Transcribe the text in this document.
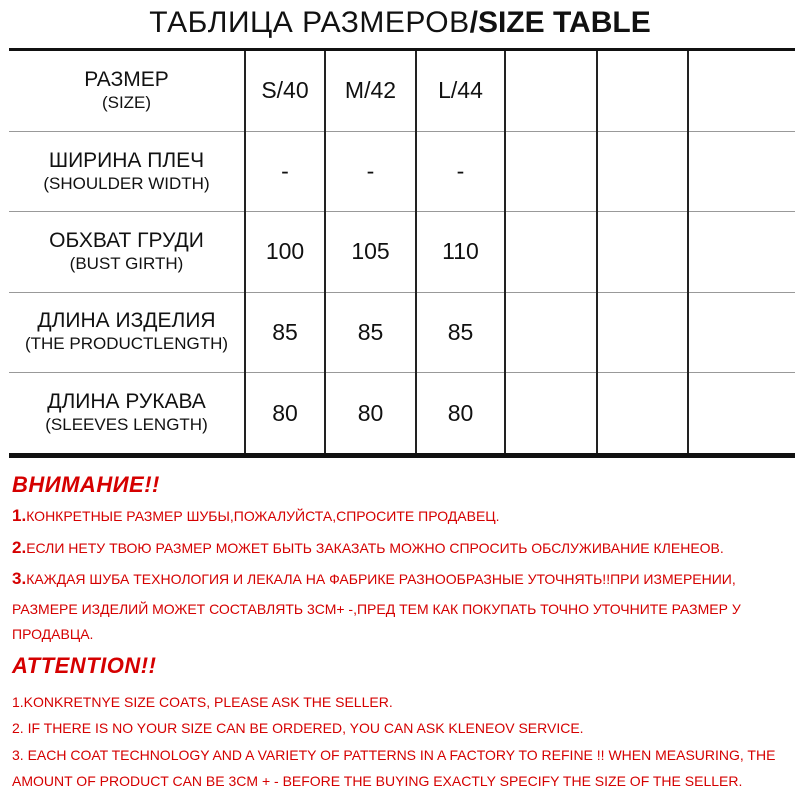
ТАБЛИЦА РАЗМЕРОВ/SIZE TABLE
РАЗМЕР
(SIZE)	S/40	M/42	L/44			

ШИРИНА ПЛЕЧ
(SHOULDER WIDTH)	-	-	-			

ОБХВАТ ГРУДИ
(BUST GIRTH)	100	105	110			

ДЛИНА ИЗДЕЛИЯ
(THE PRODUCTLENGTH)	85	85	85			

ДЛИНА РУКАВА
(SLEEVES LENGTH)	80	80	80			
ВНИМАНИЕ!!
1.КОНКРЕТНЫЕ РАЗМЕР ШУБЫ,ПОЖАЛУЙСТА,СПРОСИТЕ ПРОДАВЕЦ.
2.ЕСЛИ НЕТУ ТВОЮ РАЗМЕР МОЖЕТ БЫТЬ ЗАКАЗАТЬ МОЖНО СПРОСИТЬ ОБСЛУЖИВАНИЕ КЛЕНЕОВ.
3.КАЖДАЯ ШУБА ТЕХНОЛОГИЯ И ЛЕКАЛА НА ФАБРИКЕ РАЗНООБРАЗНЫЕ УТОЧНЯТЬ!!ПРИ ИЗМЕРЕНИИ,
РАЗМЕРЕ ИЗДЕЛИЙ МОЖЕТ СОСТАВЛЯТЬ 3СМ+ -,ПРЕД ТЕМ КАК ПОКУПАТЬ ТОЧНО УТОЧНИТЕ РАЗМЕР У
ПРОДАВЦА.
ATTENTION!!
1.KONKRETNYE SIZE COATS, PLEASE ASK THE SELLER.
2. IF THERE IS NO YOUR SIZE CAN BE ORDERED, YOU CAN ASK KLENEOV SERVICE.
3. EACH COAT TECHNOLOGY AND A VARIETY OF PATTERNS IN A FACTORY TO REFINE !! WHEN MEASURING, THE
AMOUNT OF PRODUCT CAN BE 3CM + - BEFORE THE BUYING EXACTLY SPECIFY THE SIZE OF THE SELLER.
